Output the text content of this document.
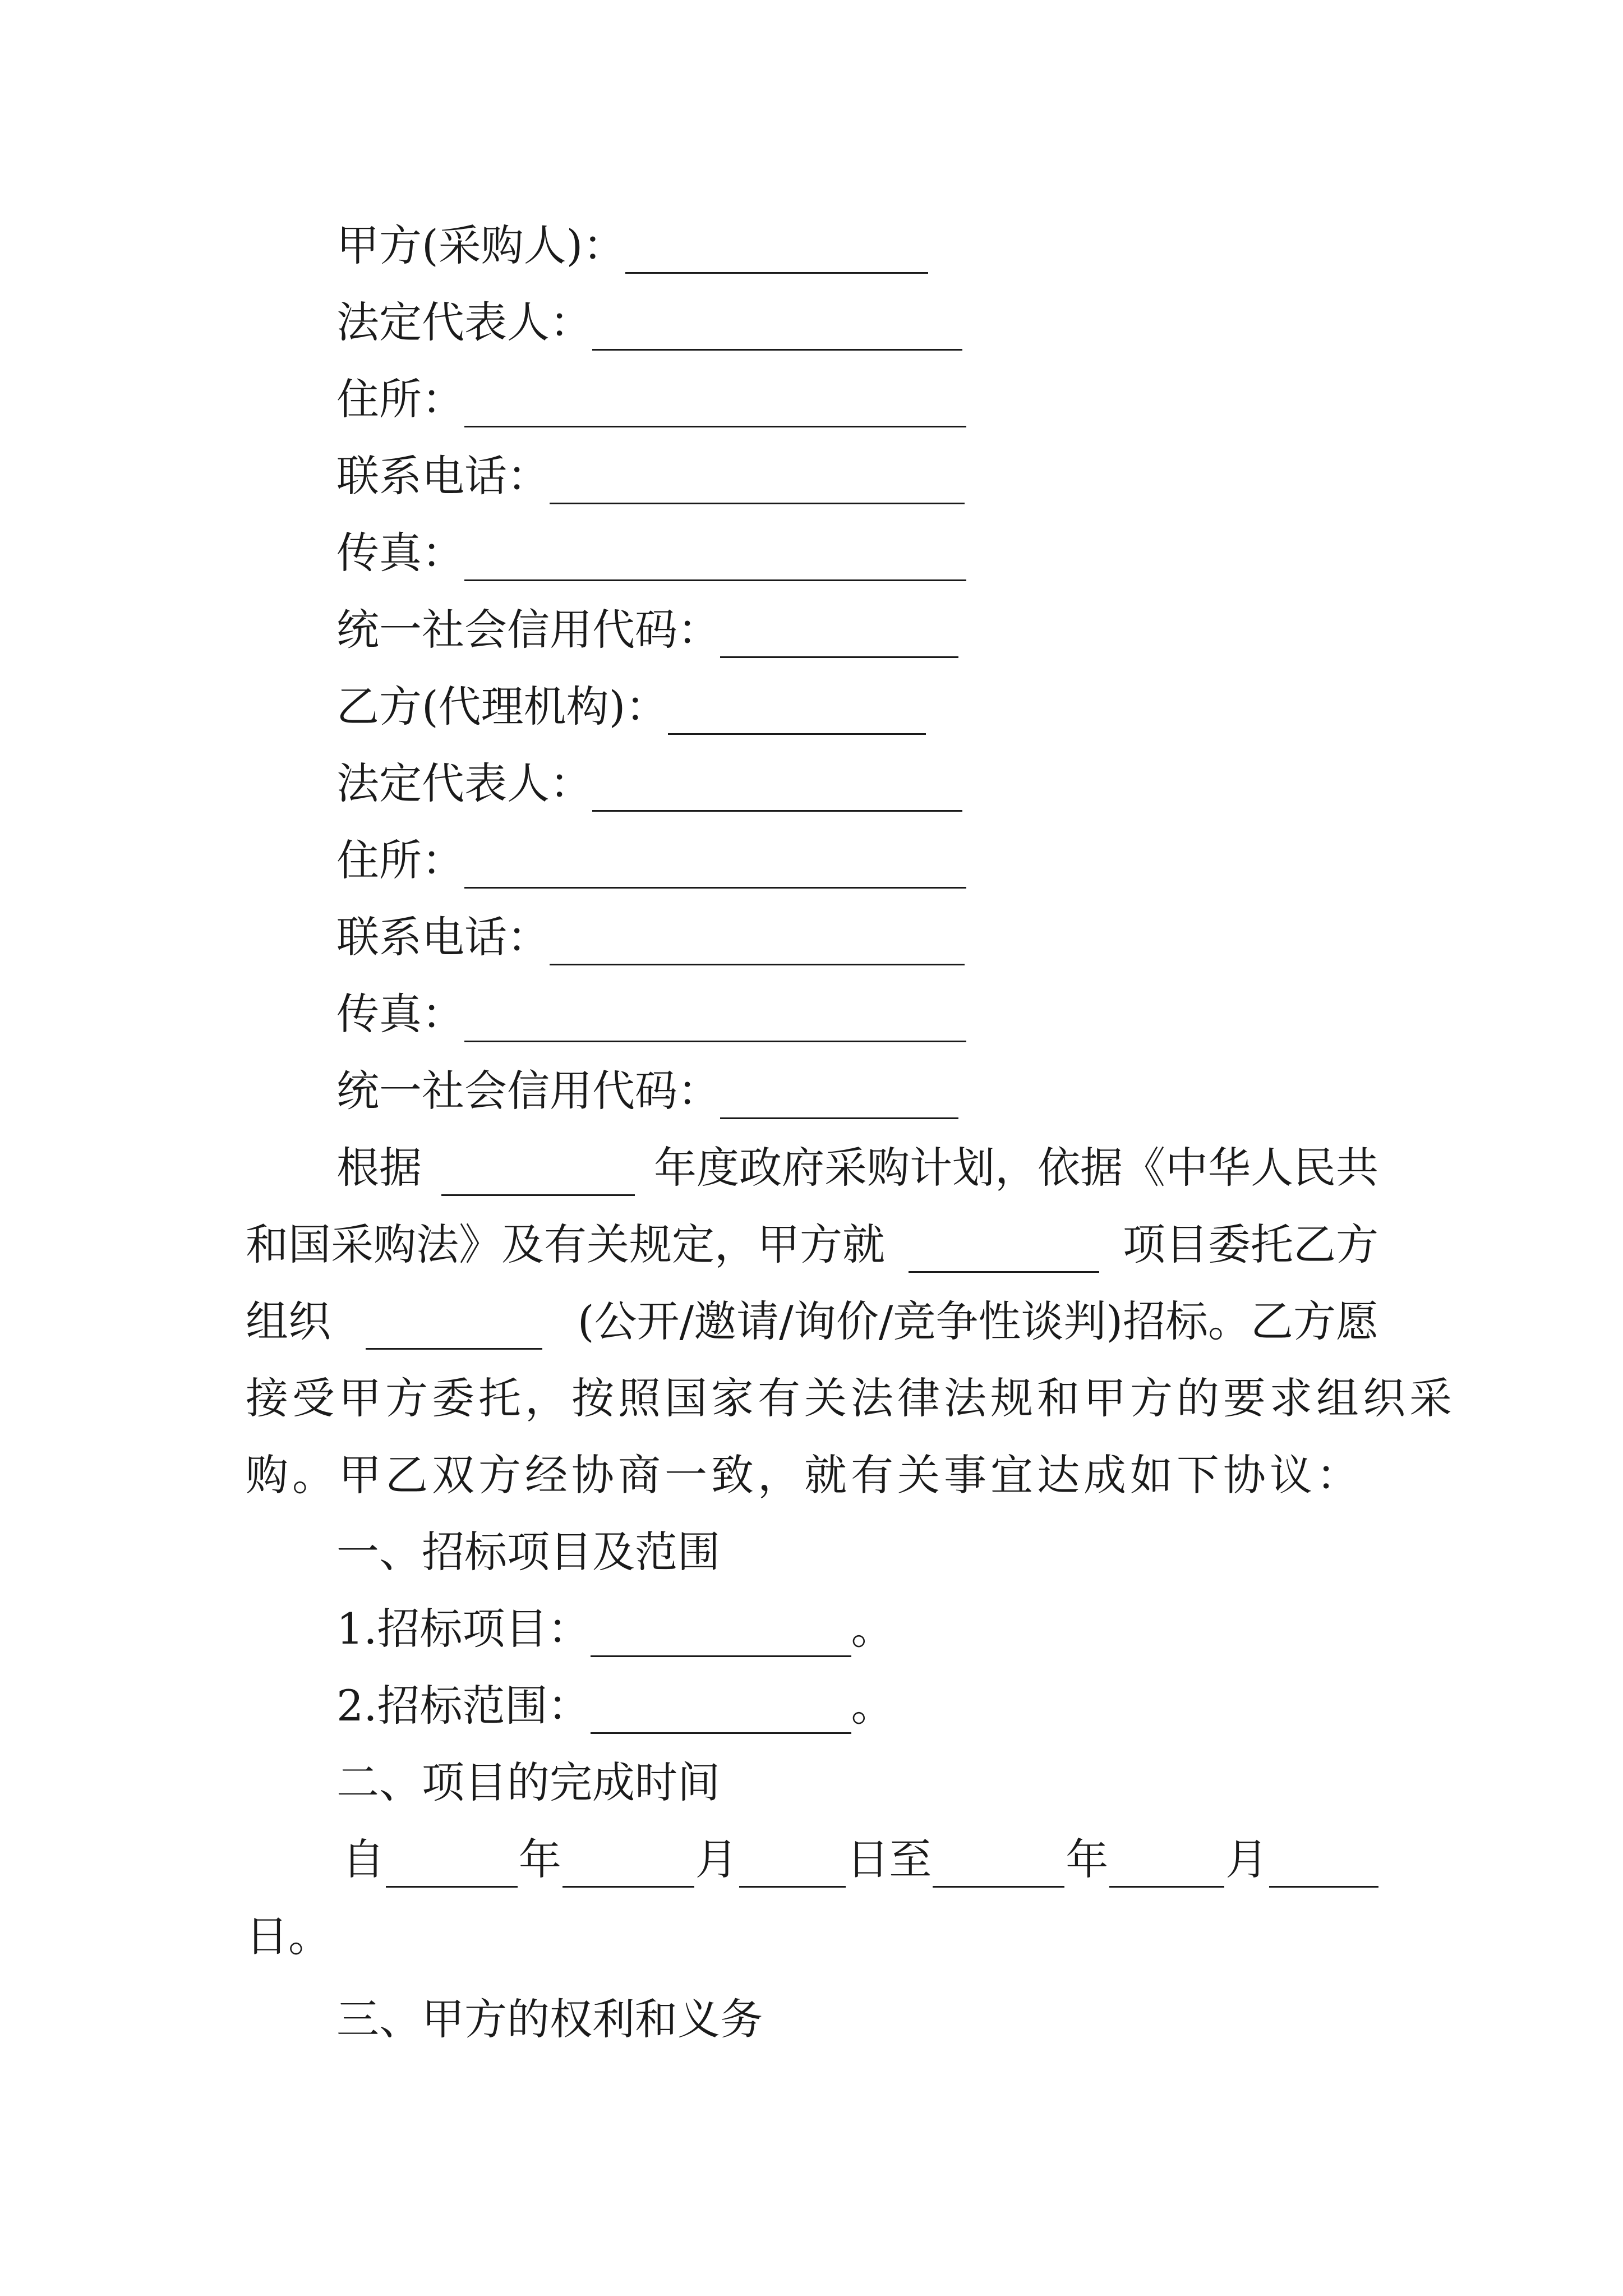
甲方(采购人)：
法定代表人：
住所：
联系电话：
传真：
统一社会信用代码：
乙方(代理机构)：
法定代表人：
住所：
联系电话：
传真：
统一社会信用代码：
根据	年度政府采购计划，依据《中华人民共
和国采购法》及有关规定，甲方就	项目委托乙方
组织	(公开/邀请/询价/竞争性谈判)招标。乙方愿
接受甲方委托，按照国家有关法律法规和甲方的要求组织采
购。甲乙双方经协商一致，就有关事宜达成如下协议：
一、招标项目及范围
1.招标项目：	。
2.招标范围：	。
二、项目的完成时间
自	年	月	日至	年	月
日。
三、甲方的权利和义务
